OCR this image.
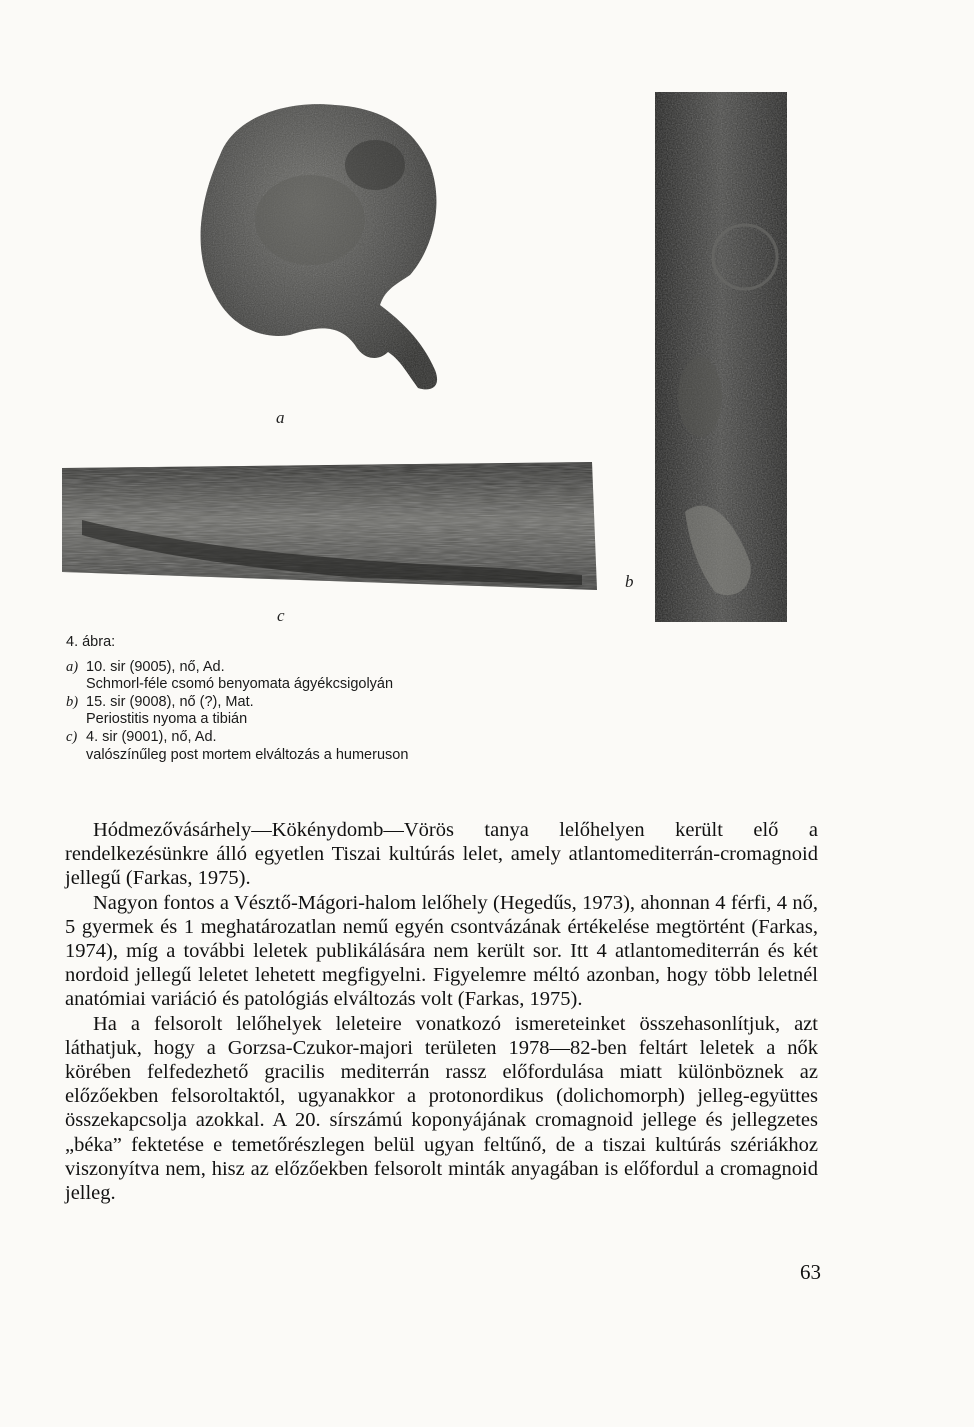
a
b
c
4. ábra:
a) 10. sir (9005), nő, Ad.
Schmorl-féle csomó benyomata ágyékcsigolyán
b) 15. sir (9008), nő (?), Mat.
Periostitis nyoma a tibián
c) 4. sir (9001), nő, Ad.
valószínűleg post mortem elváltozás a humeruson

Hódmezővásárhely—Kökénydomb—Vörös tanya lelőhelyen került elő a rendelkezésünkre álló egyetlen Tiszai kultúrás lelet, amely atlantomediterrán-cromagnoid jellegű (Farkas, 1975).

Nagyon fontos a Vésztő-Mágori-halom lelőhely (Hegedűs, 1973), ahonnan 4 férfi, 4 nő, 5 gyermek és 1 meghatározatlan nemű egyén csontvázának értékelése megtörtént (Farkas, 1974), míg a további leletek publikálására nem került sor. Itt 4 atlantomediterrán és két nordoid jellegű leletet lehetett megfigyelni. Figyelemre méltó azonban, hogy több leletnél anatómiai variáció és patológiás elváltozás volt (Farkas, 1975).

Ha a felsorolt lelőhelyek leleteire vonatkozó ismereteinket összehasonlítjuk, azt láthatjuk, hogy a Gorzsa-Czukor-majori területen 1978—82-ben feltárt leletek a nők körében felfedezhető gracilis mediterrán rassz előfordulása miatt különböznek az előzőekben felsoroltaktól, ugyanakkor a protonordikus (dolichomorph) jelleg-együttes összekapcsolja azokkal. A 20. sírszámú koponyájának cromagnoid jellege és jellegzetes „béka” fektetése e temetőrészlegen belül ugyan feltűnő, de a tiszai kultúrás szériákhoz viszonyítva nem, hisz az előzőekben felsorolt minták anyagában is előfordul a cromagnoid jelleg.

63
